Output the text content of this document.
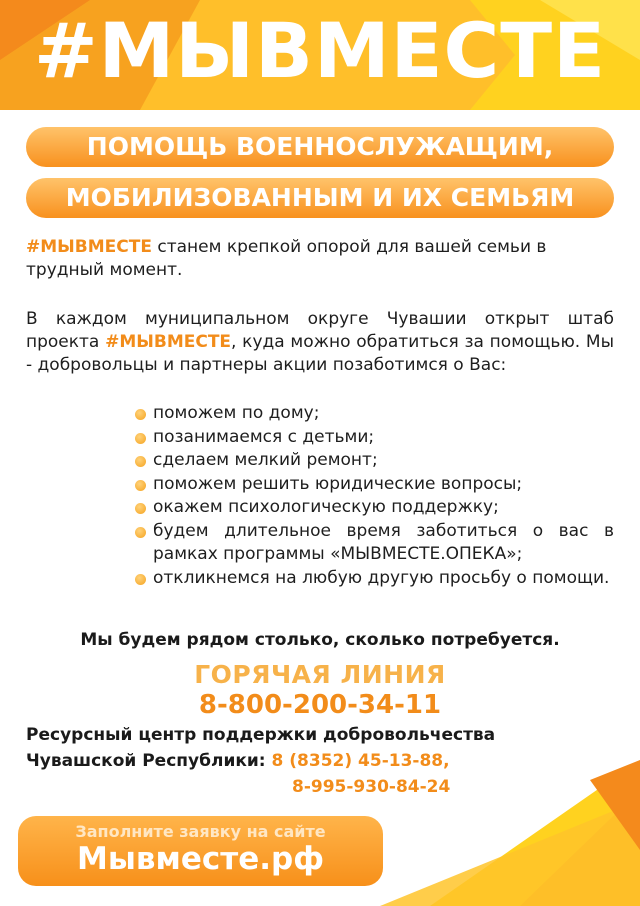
#МЫВМЕСТЕ
ПОМОЩЬ ВОЕННОСЛУЖАЩИМ,
МОБИЛИЗОВАННЫМ И ИХ СЕМЬЯМ
#МЫВМЕСТЕ станем крепкой опорой для вашей семьи в трудный момент.
В каждом муниципальном округе Чувашии открыт штаб проекта #МЫВМЕСТЕ, куда можно обратиться за помощью. Мы - добровольцы и партнеры акции позаботимся о Вас:
поможем по дому;
позанимаемся с детьми;
сделаем мелкий ремонт;
поможем решить юридические вопросы;
окажем психологическую поддержку;
будем длительное время заботиться о вас в рамках программы «МЫВМЕСТЕ.ОПЕКА»;
откликнемся на любую другую просьбу о помощи.
Мы будем рядом столько, сколько потребуется.
ГОРЯЧАЯ ЛИНИЯ
8-800-200-34-11
Ресурсный центр поддержки добровольчества
Чувашской Республики: 8 (8352) 45-13-88,
8-995-930-84-24
Заполните заявку на сайте
Мывместе.рф
